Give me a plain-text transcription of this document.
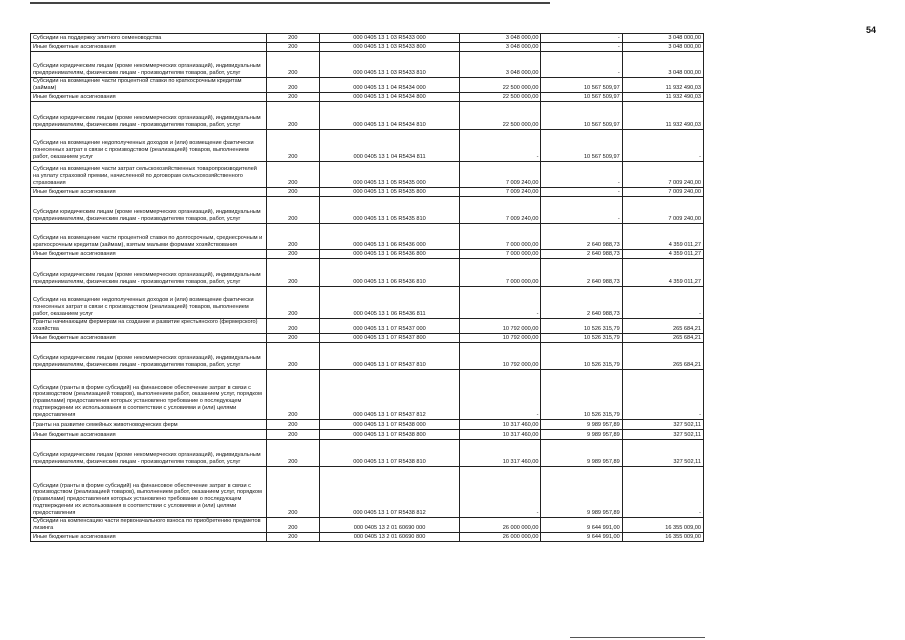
54
Субсидии на поддержку элитного семеноводства	200	000 0405 13 1 03 R5433 000	3 048 000,00	-	3 048 000,00
Иные бюджетные ассигнования	200	000 0405 13 1 03 R5433 800	3 048 000,00	-	3 048 000,00
Субсидии юридическим лицам (кроме некоммерческих организаций), индивидуальным предпринимателям, физическим лицам - производителям товаров, работ, услуг	200	000 0405 13 1 03 R5433 810	3 048 000,00	-	3 048 000,00
Субсидии на возмещение части процентной ставки по краткосрочным кредитам (займам)	200	000 0405 13 1 04 R5434 000	22 500 000,00	10 567 509,97	11 932 490,03
Иные бюджетные ассигнования	200	000 0405 13 1 04 R5434 800	22 500 000,00	10 567 509,97	11 932 490,03
Субсидии юридическим лицам (кроме некоммерческих организаций), индивидуальным предпринимателям, физическим лицам - производителям товаров, работ, услуг	200	000 0405 13 1 04 R5434 810	22 500 000,00	10 567 509,97	11 932 490,03
Субсидии на возмещение недополученных доходов и (или) возмещение фактически понесенных затрат в связи с производством (реализацией) товаров, выполнением работ, оказанием услуг	200	000 0405 13 1 04 R5434 811	-	10 567 509,97	-
Субсидии на возмещение части затрат сельскохозяйственных товаропроизводителей на уплату страховой премии, начисленной по договорам сельскохозяйственного страхования	200	000 0405 13 1 05 R5435 000	7 009 240,00	-	7 009 240,00
Иные бюджетные ассигнования	200	000 0405 13 1 05 R5435 800	7 009 240,00	-	7 009 240,00
Субсидии юридическим лицам (кроме некоммерческих организаций), индивидуальным предпринимателям, физическим лицам - производителям товаров, работ, услуг	200	000 0405 13 1 05 R5435 810	7 009 240,00	-	7 009 240,00
Субсидии на возмещение части процентной ставки по долгосрочным, среднесрочным и краткосрочным кредитам (займам), взятым малыми формами хозяйствования	200	000 0405 13 1 06 R5436 000	7 000 000,00	2 640 988,73	4 359 011,27
Иные бюджетные ассигнования	200	000 0405 13 1 06 R5436 800	7 000 000,00	2 640 988,73	4 359 011,27
Субсидии юридическим лицам (кроме некоммерческих организаций), индивидуальным предпринимателям, физическим лицам - производителям товаров, работ, услуг	200	000 0405 13 1 06 R5436 810	7 000 000,00	2 640 988,73	4 359 011,27
Субсидии на возмещение недополученных доходов и (или) возмещение фактически понесенных затрат в связи с производством (реализацией) товаров, выполнением работ, оказанием услуг	200	000 0405 13 1 06 R5436 811	-	2 640 988,73	-
Гранты начинающим фермерам на создание и развитие крестьянского (фермерского) хозяйства	200	000 0405 13 1 07 R5437 000	10 792 000,00	10 526 315,79	265 684,21
Иные бюджетные ассигнования	200	000 0405 13 1 07 R5437 800	10 792 000,00	10 526 315,79	265 684,21
Субсидии юридическим лицам (кроме некоммерческих организаций), индивидуальным предпринимателям, физическим лицам - производителям товаров, работ, услуг	200	000 0405 13 1 07 R5437 810	10 792 000,00	10 526 315,79	265 684,21
Субсидии (гранты в форме субсидий) на финансовое обеспечение затрат в связи с производством (реализацией товаров), выполнением работ, оказанием услуг, порядком (правилами) предоставления которых установлено требование о последующем подтверждении их использования в соответствии с условиями и (или) целями предоставления	200	000 0405 13 1 07 R5437 812	-	10 526 315,79	-
Гранты на развитие семейных животноводческих ферм	200	000 0405 13 1 07 R5438 000	10 317 460,00	9 989 957,89	327 502,11
Иные бюджетные ассигнования	200	000 0405 13 1 07 R5438 800	10 317 460,00	9 989 957,89	327 502,11
Субсидии юридическим лицам (кроме некоммерческих организаций), индивидуальным предпринимателям, физическим лицам - производителям товаров, работ, услуг	200	000 0405 13 1 07 R5438 810	10 317 460,00	9 989 957,89	327 502,11
Субсидии (гранты в форме субсидий) на финансовое обеспечение затрат в связи с производством (реализацией товаров), выполнением работ, оказанием услуг, порядком (правилами) предоставления которых установлено требование о последующем подтверждении их использования в соответствии с условиями и (или) целями предоставления	200	000 0405 13 1 07 R5438 812	-	9 989 957,89	-
Субсидии на компенсацию части первоначального взноса по приобретению предметов лизинга	200	000 0405 13 2 01 60690 000	26 000 000,00	9 644 991,00	16 355 009,00
Иные бюджетные ассигнования	200	000 0405 13 2 01 60690 800	26 000 000,00	9 644 991,00	16 355 009,00
